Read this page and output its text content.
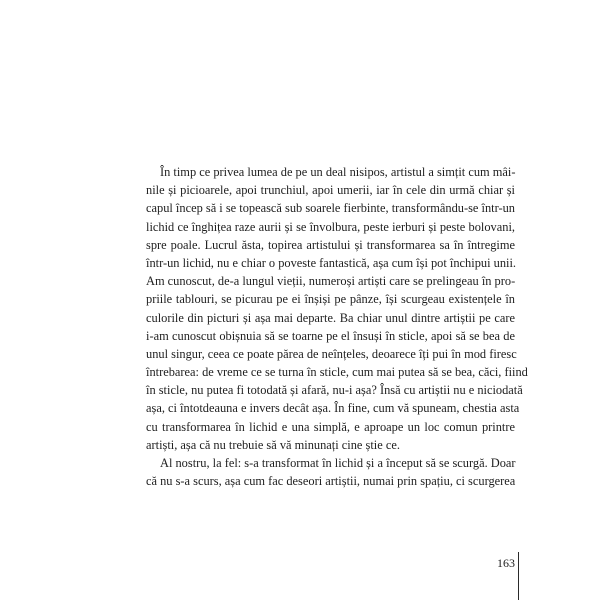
În timp ce privea lumea de pe un deal nisipos, artistul a simțit cum mâi-
nile și picioarele, apoi trunchiul, apoi umerii, iar în cele din urmă chiar și
capul încep să i se topească sub soarele fierbinte, transformându-se într-un
lichid ce înghițea raze aurii și se învolbura, peste ierburi și peste bolovani,
spre poale. Lucrul ăsta, topirea artistului și transformarea sa în întregime
într-un lichid, nu e chiar o poveste fantastică, așa cum își pot închipui unii.
Am cunoscut, de-a lungul vieții, numeroși artiști care se prelingeau în pro-
priile tablouri, se picurau pe ei înșiși pe pânze, își scurgeau existențele în
culorile din picturi și așa mai departe. Ba chiar unul dintre artiștii pe care
i-am cunoscut obișnuia să se toarne pe el însuși în sticle, apoi să se bea de
unul singur, ceea ce poate părea de neînțeles, deoarece îți pui în mod firesc
întrebarea: de vreme ce se turna în sticle, cum mai putea să se bea, căci, fiind
în sticle, nu putea fi totodată și afară, nu-i așa? Însă cu artiștii nu e niciodată
așa, ci întotdeauna e invers decât așa. În fine, cum vă spuneam, chestia asta
cu transformarea în lichid e una simplă, e aproape un loc comun printre
artiști, așa că nu trebuie să vă minunați cine știe ce.

Al nostru, la fel: s-a transformat în lichid și a început să se scurgă. Doar
că nu s-a scurs, așa cum fac deseori artiștii, numai prin spațiu, ci scurgerea

163
